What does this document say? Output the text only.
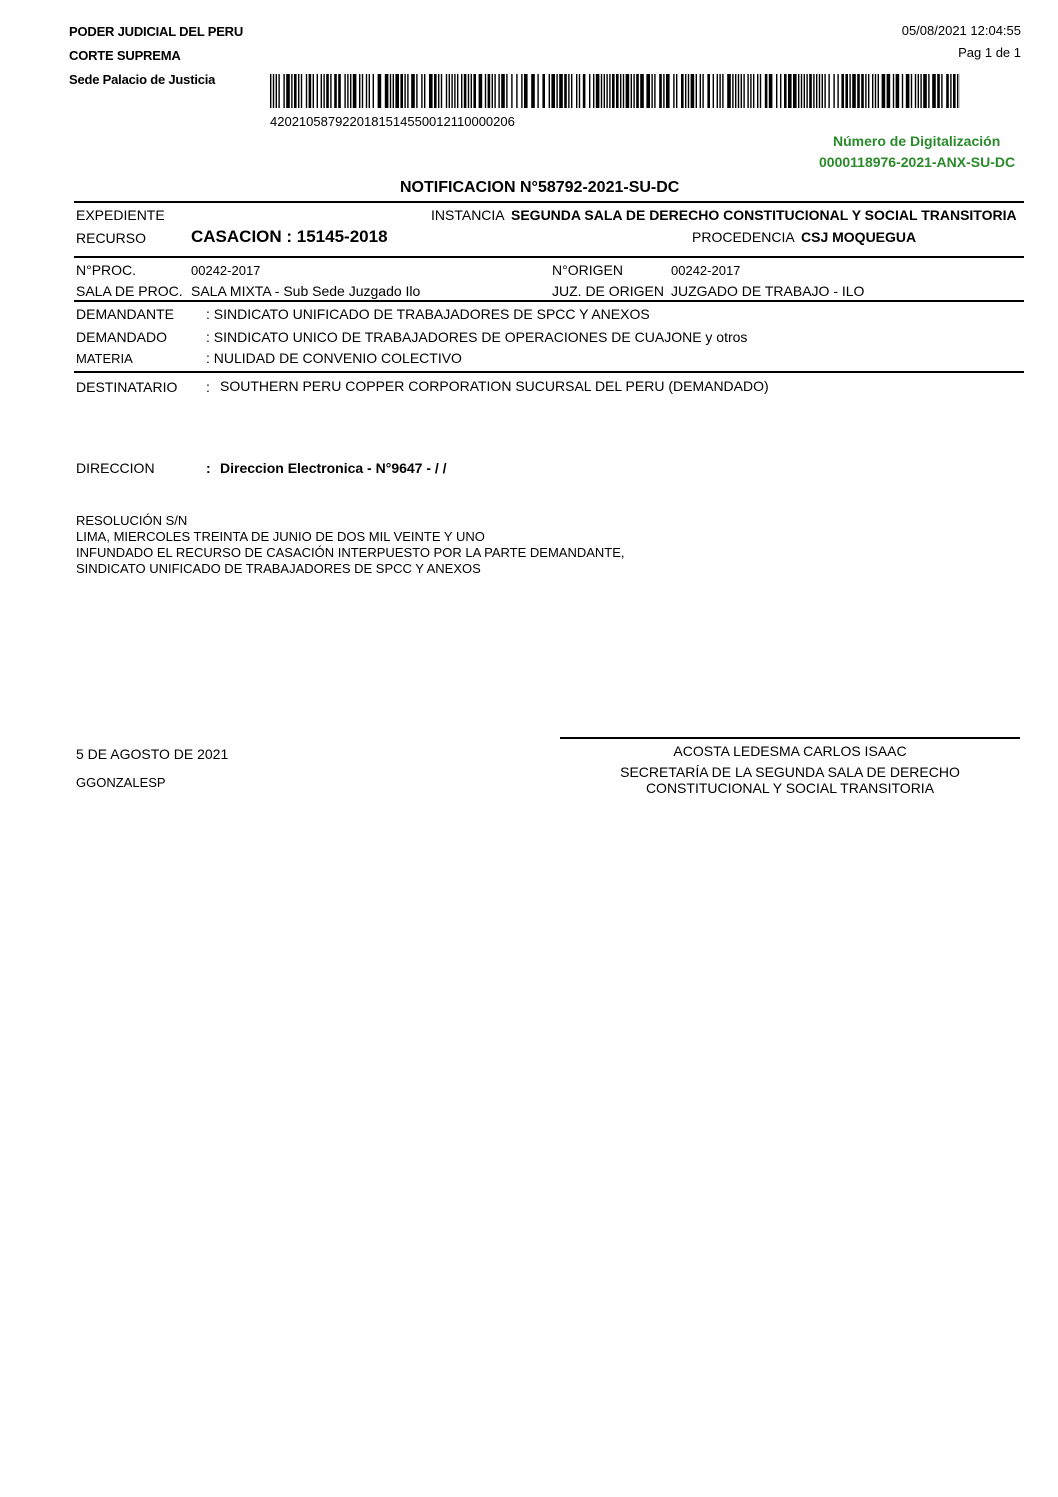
PODER JUDICIAL DEL PERU
CORTE SUPREMA
Sede Palacio de Justicia
05/08/2021 12:04:55
Pag 1 de 1
4202105879220181514550012110000206
Número de Digitalización
0000118976-2021-ANX-SU-DC
NOTIFICACION N°58792-2021-SU-DC
EXPEDIENTE	INSTANCIA SEGUNDA SALA DE DERECHO CONSTITUCIONAL Y SOCIAL TRANSITORIA
RECURSO	CASACION : 15145-2018	PROCEDENCIA CSJ MOQUEGUA
N°PROC.	00242-2017	N°ORIGEN	00242-2017
SALA DE PROC. SALA MIXTA - Sub Sede Juzgado Ilo	JUZ. DE ORIGEN JUZGADO DE TRABAJO - ILO
DEMANDANTE : SINDICATO UNIFICADO DE TRABAJADORES DE SPCC Y ANEXOS
DEMANDADO	: SINDICATO UNICO DE TRABAJADORES DE OPERACIONES DE CUAJONE y otros
MATERIA	: NULIDAD DE CONVENIO COLECTIVO
DESTINATARIO : SOUTHERN PERU COPPER CORPORATION SUCURSAL DEL PERU (DEMANDADO)
DIRECCION	: Direccion Electronica - N°9647 - / /
RESOLUCIÓN S/N
LIMA, MIERCOLES TREINTA DE JUNIO DE DOS MIL VEINTE Y UNO
INFUNDADO EL RECURSO DE CASACIÓN INTERPUESTO POR LA PARTE DEMANDANTE,
SINDICATO UNIFICADO DE TRABAJADORES DE SPCC Y ANEXOS
5 DE AGOSTO DE 2021
GGONZALESP
ACOSTA LEDESMA CARLOS ISAAC
SECRETARÍA DE LA SEGUNDA SALA DE DERECHO
CONSTITUCIONAL Y SOCIAL TRANSITORIA
